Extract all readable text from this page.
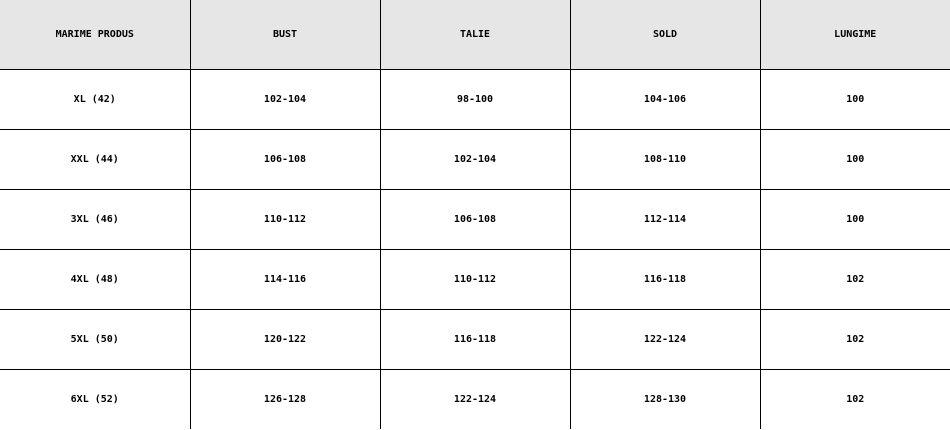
MARIME PRODUS	BUST	TALIE	SOLD	LUNGIME
XL (42)	102-104	98-100	104-106	100
XXL (44)	106-108	102-104	108-110	100
3XL (46)	110-112	106-108	112-114	100
4XL (48)	114-116	110-112	116-118	102
5XL (50)	120-122	116-118	122-124	102
6XL (52)	126-128	122-124	128-130	102
